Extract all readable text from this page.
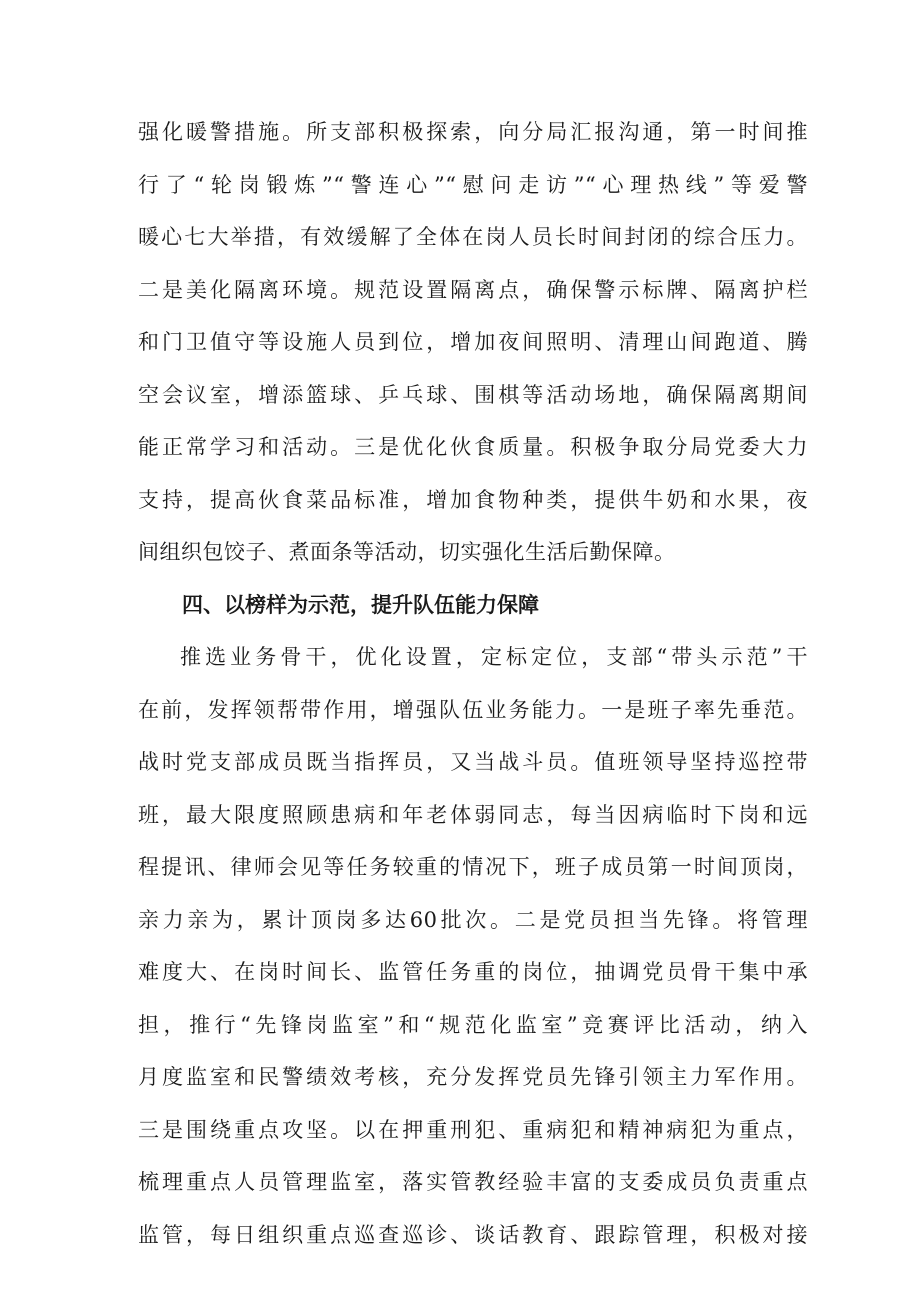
强化暖警措施。所支部积极探索，向分局汇报沟通，第一时间推
行了“轮岗锻炼”“警连心”“慰问走访”“心理热线”等爱警
暖心七大举措，有效缓解了全体在岗人员长时间封闭的综合压力。
二是美化隔离环境。规范设置隔离点，确保警示标牌、隔离护栏
和门卫值守等设施人员到位，增加夜间照明、清理山间跑道、腾
空会议室，增添篮球、乒乓球、围棋等活动场地，确保隔离期间
能正常学习和活动。三是优化伙食质量。积极争取分局党委大力
支持，提高伙食菜品标准，增加食物种类，提供牛奶和水果，夜
间组织包饺子、煮面条等活动，切实强化生活后勤保障。
四、以榜样为示范，提升队伍能力保障
推选业务骨干，优化设置，定标定位，支部“带头示范”干
在前，发挥领帮带作用，增强队伍业务能力。一是班子率先垂范。
战时党支部成员既当指挥员，又当战斗员。值班领导坚持巡控带
班，最大限度照顾患病和年老体弱同志，每当因病临时下岗和远
程提讯、律师会见等任务较重的情况下，班子成员第一时间顶岗，
亲力亲为，累计顶岗多达60批次。二是党员担当先锋。将管理
难度大、在岗时间长、监管任务重的岗位，抽调党员骨干集中承
担，推行“先锋岗监室”和“规范化监室”竞赛评比活动，纳入
月度监室和民警绩效考核，充分发挥党员先锋引领主力军作用。
三是围绕重点攻坚。以在押重刑犯、重病犯和精神病犯为重点，
梳理重点人员管理监室，落实管教经验丰富的支委成员负责重点
监管，每日组织重点巡查巡诊、谈话教育、跟踪管理，积极对接
